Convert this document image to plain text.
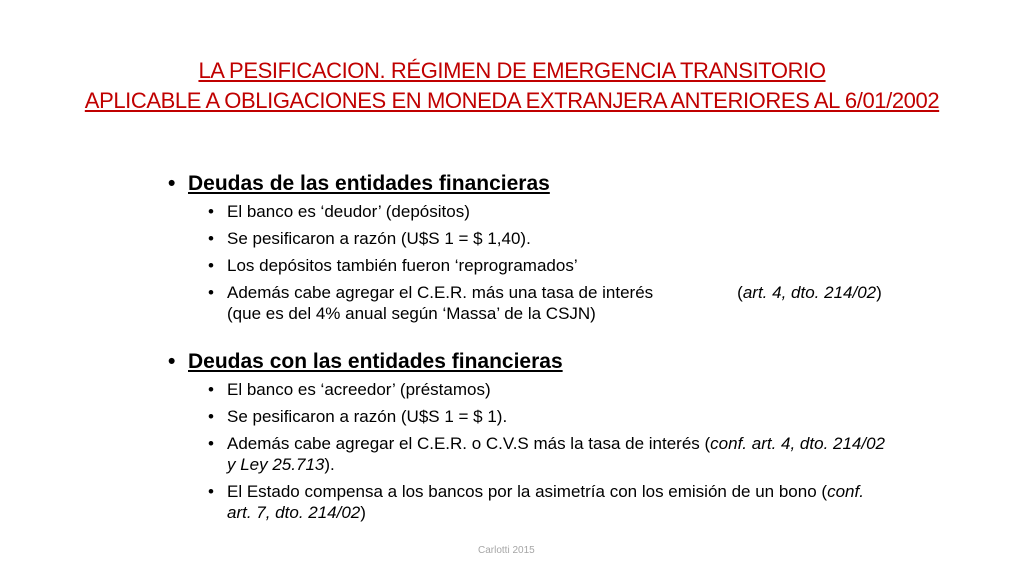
LA PESIFICACION. RÉGIMEN DE EMERGENCIA TRANSITORIO
APLICABLE A OBLIGACIONES EN MONEDA EXTRANJERA ANTERIORES AL 6/01/2002
• Deudas de las entidades financieras
• El banco es ‘deudor’ (depósitos)
• Se pesificaron a razón (U$S 1 = $ 1,40).
• Los depósitos también fueron ‘reprogramados’
• Además cabe agregar el C.E.R. más una tasa de interés	(art. 4, dto. 214/02) (que es del 4% anual según ‘Massa’ de la CSJN)
• Deudas con las entidades financieras
• El banco es ‘acreedor’ (préstamos)
• Se pesificaron a razón (U$S 1 = $ 1).
• Además cabe agregar el C.E.R. o C.V.S más la tasa de interés (conf. art. 4, dto. 214/02 y Ley 25.713).
• El Estado compensa a los bancos por la asimetría con los emisión de un bono (conf. art. 7, dto. 214/02)
Carlotti 2015
